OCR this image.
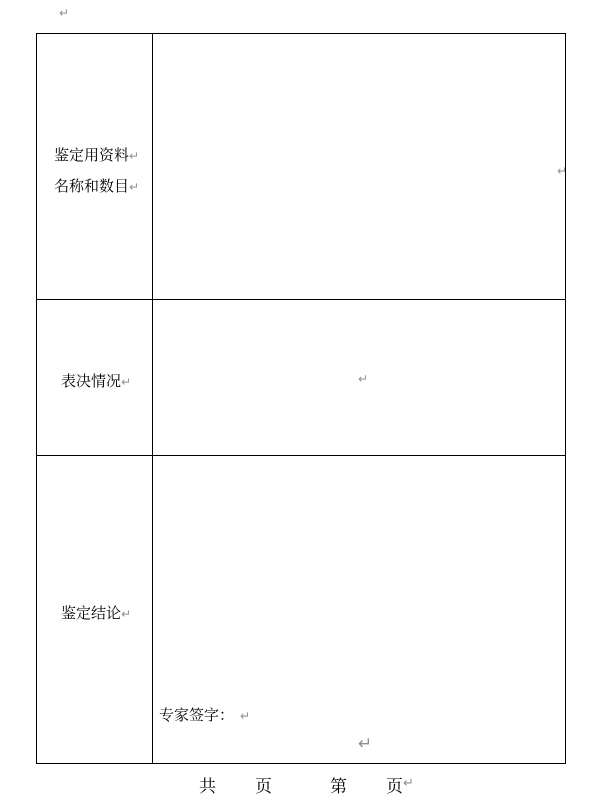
↵
鉴定用资料↵
名称和数目↵
↵
表决情况↵	↵
鉴定结论↵
专家签字： ↵
↵
共 页	第 页 ↵
